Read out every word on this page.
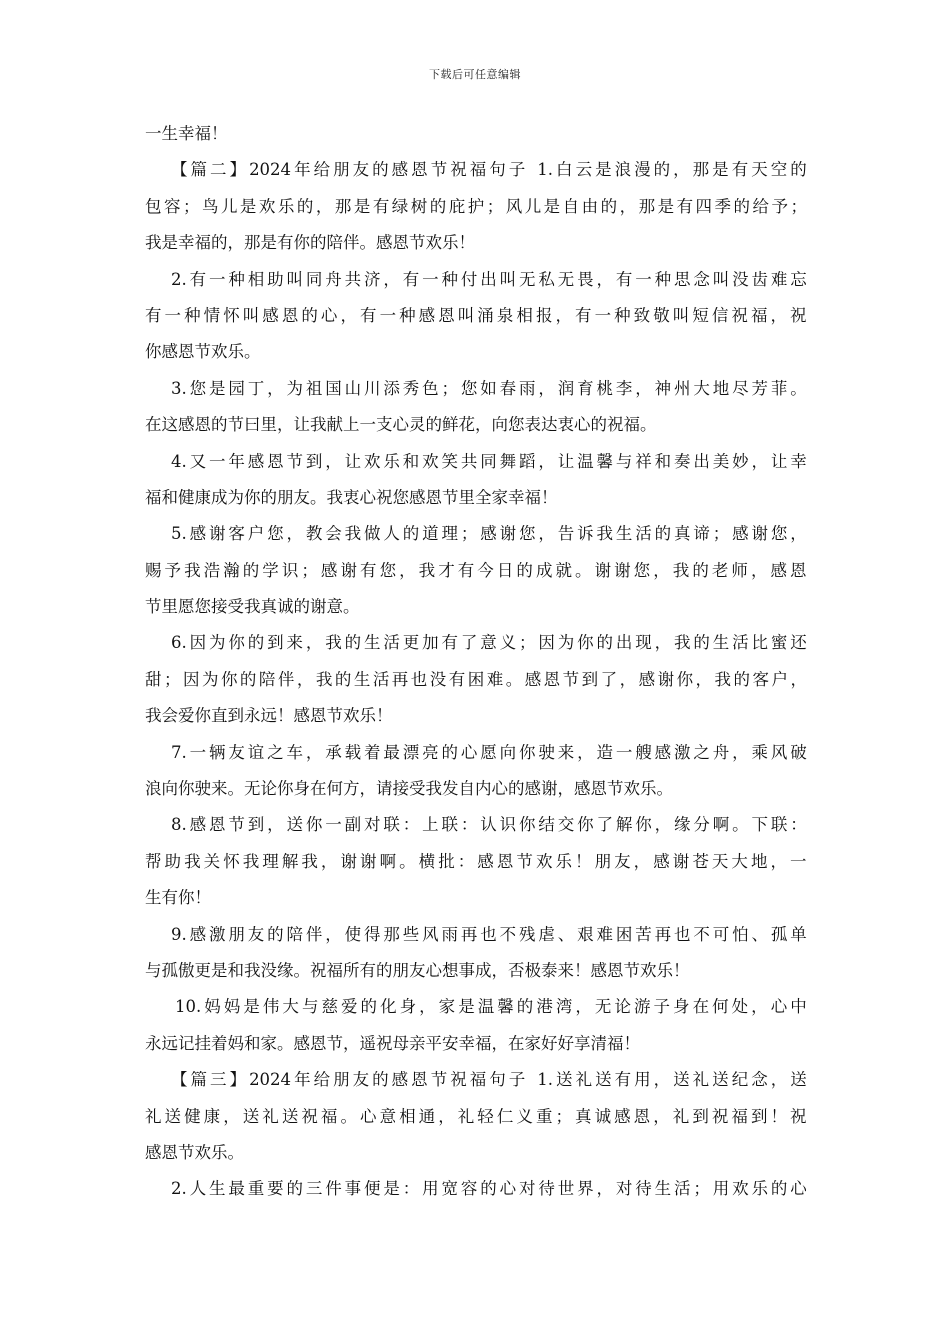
下载后可任意编辑
一生幸福！
【 篇 二 】 2024 年 给 朋 友 的 感 恩 节 祝 福 句 子 1. 白 云 是 浪 漫 的 ， 那 是 有 天 空 的
包 容 ； 鸟 儿 是 欢 乐 的 ， 那 是 有 绿 树 的 庇 护 ； 风 儿 是 自 由 的 ， 那 是 有 四 季 的 给 予 ；
我是幸福的，那是有你的陪伴。感恩节欢乐！
2. 有 一 种 相 助 叫 同 舟 共 济 ， 有 一 种 付 出 叫 无 私 无 畏 ， 有 一 种 思 念 叫 没 齿 难 忘
有 一 种 情 怀 叫 感 恩 的 心 ， 有 一 种 感 恩 叫 涌 泉 相 报 ， 有 一 种 致 敬 叫 短 信 祝 福 ， 祝
你感恩节欢乐。
3. 您 是 园 丁 ， 为 祖 国 山 川 添 秀 色 ； 您 如 春 雨 ， 润 育 桃 李 ， 神 州 大 地 尽 芳 菲 。
在这感恩的节曰里，让我献上一支心灵的鲜花，向您表达衷心的祝福。
4. 又 一 年 感 恩 节 到 ， 让 欢 乐 和 欢 笑 共 同 舞 蹈 ， 让 温 馨 与 祥 和 奏 出 美 妙 ， 让 幸
福和健康成为你的朋友。我衷心祝您感恩节里全家幸福！
5. 感 谢 客 户 您 ， 教 会 我 做 人 的 道 理 ； 感 谢 您 ， 告 诉 我 生 活 的 真 谛 ； 感 谢 您 ，
赐 予 我 浩 瀚 的 学 识 ； 感 谢 有 您 ， 我 才 有 今 日 的 成 就 。 谢 谢 您 ， 我 的 老 师 ， 感 恩
节里愿您接受我真诚的谢意。
6. 因 为 你 的 到 来 ， 我 的 生 活 更 加 有 了 意 义 ； 因 为 你 的 出 现 ， 我 的 生 活 比 蜜 还
甜 ； 因 为 你 的 陪 伴 ， 我 的 生 活 再 也 没 有 困 难 。 感 恩 节 到 了 ， 感 谢 你 ， 我 的 客 户 ，
我会爱你直到永远！感恩节欢乐！
7. 一 辆 友 谊 之 车 ， 承 载 着 最 漂 亮 的 心 愿 向 你 驶 来 ， 造 一 艘 感 激 之 舟 ， 乘 风 破
浪向你驶来。无论你身在何方，请接受我发自内心的感谢，感恩节欢乐。
8. 感 恩 节 到 ， 送 你 一 副 对 联 ： 上 联 ： 认 识 你 结 交 你 了 解 你 ， 缘 分 啊 。 下 联 ：
帮 助 我 关 怀 我 理 解 我 ， 谢 谢 啊 。 横 批 ： 感 恩 节 欢 乐 ！ 朋 友 ， 感 谢 苍 天 大 地 ， 一
生有你！
9. 感 激 朋 友 的 陪 伴 ， 使 得 那 些 风 雨 再 也 不 残 虐 、 艰 难 困 苦 再 也 不 可 怕 、 孤 单
与孤傲更是和我没缘。祝福所有的朋友心想事成，否极泰来！感恩节欢乐！
10. 妈 妈 是 伟 大 与 慈 爱 的 化 身 ， 家 是 温 馨 的 港 湾 ， 无 论 游 子 身 在 何 处 ， 心 中
永远记挂着妈和家。感恩节，遥祝母亲平安幸福，在家好好享清福！
【 篇 三 】 2024 年 给 朋 友 的 感 恩 节 祝 福 句 子 1. 送 礼 送 有 用 ， 送 礼 送 纪 念 ， 送
礼 送 健 康 ， 送 礼 送 祝 福 。 心 意 相 通 ， 礼 轻 仁 义 重 ； 真 诚 感 恩 ， 礼 到 祝 福 到 ！ 祝
感恩节欢乐。
2. 人 生 最 重 要 的 三 件 事 便 是 ： 用 宽 容 的 心 对 待 世 界 ， 对 待 生 活 ； 用 欢 乐 的 心
